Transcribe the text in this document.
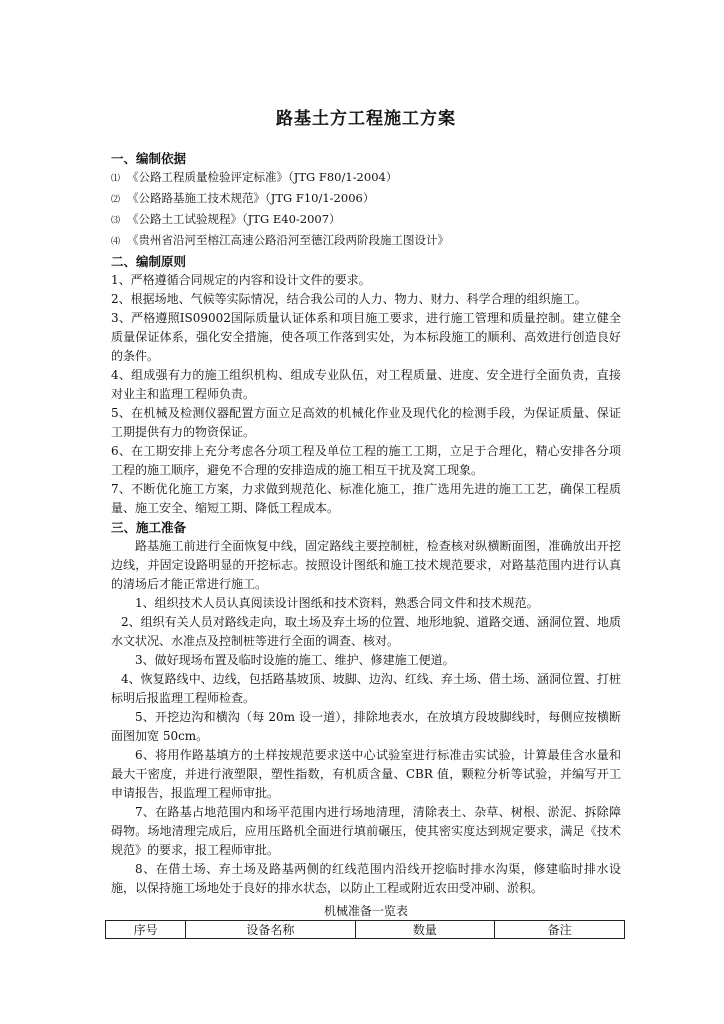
路基土方工程施工方案
一、编制依据
⑴ 《公路工程质量检验评定标准》（JTG F80/1-2004）
⑵ 《公路路基施工技术规范》（JTG F10/1-2006）
⑶ 《公路土工试验规程》（JTG E40-2007）
⑷ 《贵州省沿河至榕江高速公路沿河至德江段两阶段施工图设计》
二、编制原则

1、严格遵循合同规定的内容和设计文件的要求。

2、根据场地、气候等实际情况，结合我公司的人力、物力、财力、科学合理的组织施工。

3、严格遵照IS09002国际质量认证体系和项目施工要求，进行施工管理和质量控制。建立健全质量保证体系，强化安全措施，使各项工作落到实处，为本标段施工的顺利、高效进行创造良好的条件。

4、组成强有力的施工组织机构、组成专业队伍，对工程质量、进度、安全进行全面负责，直接对业主和监理工程师负责。

5、在机械及检测仪器配置方面立足高效的机械化作业及现代化的检测手段，为保证质量、保证工期提供有力的物资保证。

6、在工期安排上充分考虑各分项工程及单位工程的施工工期，立足于合理化，精心安排各分项工程的施工顺序，避免不合理的安排造成的施工相互干扰及窝工现象。

7、不断优化施工方案，力求做到规范化、标准化施工，推广选用先进的施工工艺，确保工程质量、施工安全、缩短工期、降低工程成本。

三、施工准备

路基施工前进行全面恢复中线，固定路线主要控制桩，检查核对纵横断面图，准确放出开挖边线，并固定设路明显的开挖标志。按照设计图纸和施工技术规范要求，对路基范围内进行认真的清场后才能正常进行施工。

1、组织技术人员认真阅读设计图纸和技术资料，熟悉合同文件和技术规范。

2、组织有关人员对路线走向，取土场及弃土场的位置、地形地貌、道路交通、涵洞位置、地质水文状况、水准点及控制桩等进行全面的调查、核对。

3、做好现场布置及临时设施的施工、维护、修建施工便道。

4、恢复路线中、边线，包括路基坡顶、坡脚、边沟、红线、弃土场、借土场、涵洞位置、打桩标明后报监理工程师检查。

5、开挖边沟和横沟（每 20m 设一道），排除地表水，在放填方段坡脚线时，每侧应按横断面图加宽 50cm。

6、将用作路基填方的土样按规范要求送中心试验室进行标准击实试验，计算最佳含水量和最大干密度，并进行液塑限，塑性指数，有机质含量、CBR 值，颗粒分析等试验，并编写开工申请报告，报监理工程师审批。

7、在路基占地范围内和场平范围内进行场地清理，清除表土、杂草、树根、淤泥、拆除障碍物。场地清理完成后，应用压路机全面进行填前碾压，使其密实度达到规定要求，满足《技术规范》的要求，报工程师审批。

8、在借土场、弃土场及路基两侧的红线范围内沿线开挖临时排水沟渠，修建临时排水设施，以保持施工场地处于良好的排水状态，以防止工程或附近农田受冲刷、淤积。

机械准备一览表
序号	设备名称	数量	备注
